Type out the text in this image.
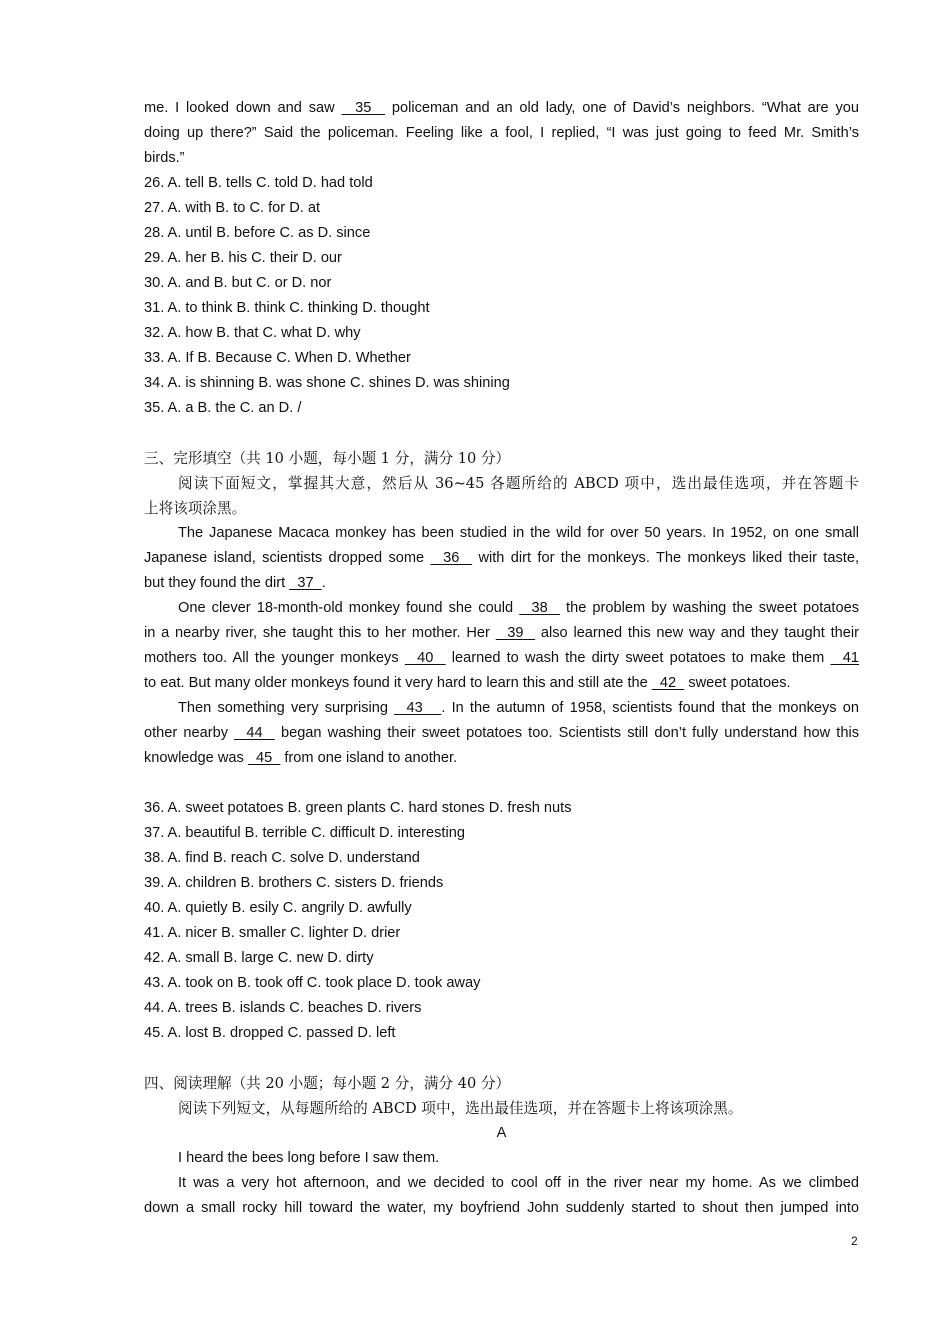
me. I looked down and saw   35   policeman and an old lady, one of David’s neighbors. “What are you
doing up there?” Said the policeman. Feeling like a fool, I replied, “I was just going to feed Mr. Smith’s
birds.”
26. A. tell B. tells C. told D. had told
27. A. with B. to C. for D. at
28. A. until B. before C. as D. since
29. A. her B. his C. their D. our
30. A. and B. but C. or D. nor
31. A. to think B. think C. thinking D. thought
32. A. how B. that C. what D. why
33. A. If B. Because C. When D. Whether
34. A. is shinning B. was shone C. shines D. was shining
35. A. a B. the C. an D. /
三、完形填空（共 10 小题，每小题 1 分，满分 10 分）
阅读下面短文，掌握其大意，然后从 36~45 各题所给的 ABCD 项中，选出最佳选项，并在答题卡
上将该项涂黑。
The Japanese Macaca monkey has been studied in the wild for over 50 years. In 1952, on one small
Japanese island, scientists dropped some   36   with dirt for the monkeys. The monkeys liked their taste,
but they found the dirt   37  .
One clever 18-month-old monkey found she could   38   the problem by washing the sweet potatoes
in a nearby river, she taught this to her mother. Her   39   also learned this new way and they taught their
mothers too. All the younger monkeys   40   learned to wash the dirty sweet potatoes to make them   41
to eat. But many older monkeys found it very hard to learn this and still ate the   42   sweet potatoes.
Then something very surprising   43   . In the autumn of 1958, scientists found that the monkeys on
other nearby   44   began washing their sweet potatoes too. Scientists still don’t fully understand how this
knowledge was   45   from one island to another.
36. A. sweet potatoes B. green plants C. hard stones D. fresh nuts
37. A. beautiful B. terrible C. difficult D. interesting
38. A. find B. reach C. solve D. understand
39. A. children B. brothers C. sisters D. friends
40. A. quietly B. esily C. angrily D. awfully
41. A. nicer B. smaller C. lighter D. drier
42. A. small B. large C. new D. dirty
43. A. took on B. took off C. took place D. took away
44. A. trees B. islands C. beaches D. rivers
45. A. lost B. dropped C. passed D. left
四、阅读理解（共 20 小题；每小题 2 分，满分 40 分）
阅读下列短文，从每题所给的 ABCD 项中，选出最佳选项，并在答题卡上将该项涂黑。
A
I heard the bees long before I saw them.
It was a very hot afternoon, and we decided to cool off in the river near my home. As we climbed
down a small rocky hill toward the water, my boyfriend John suddenly started to shout then jumped into
2
